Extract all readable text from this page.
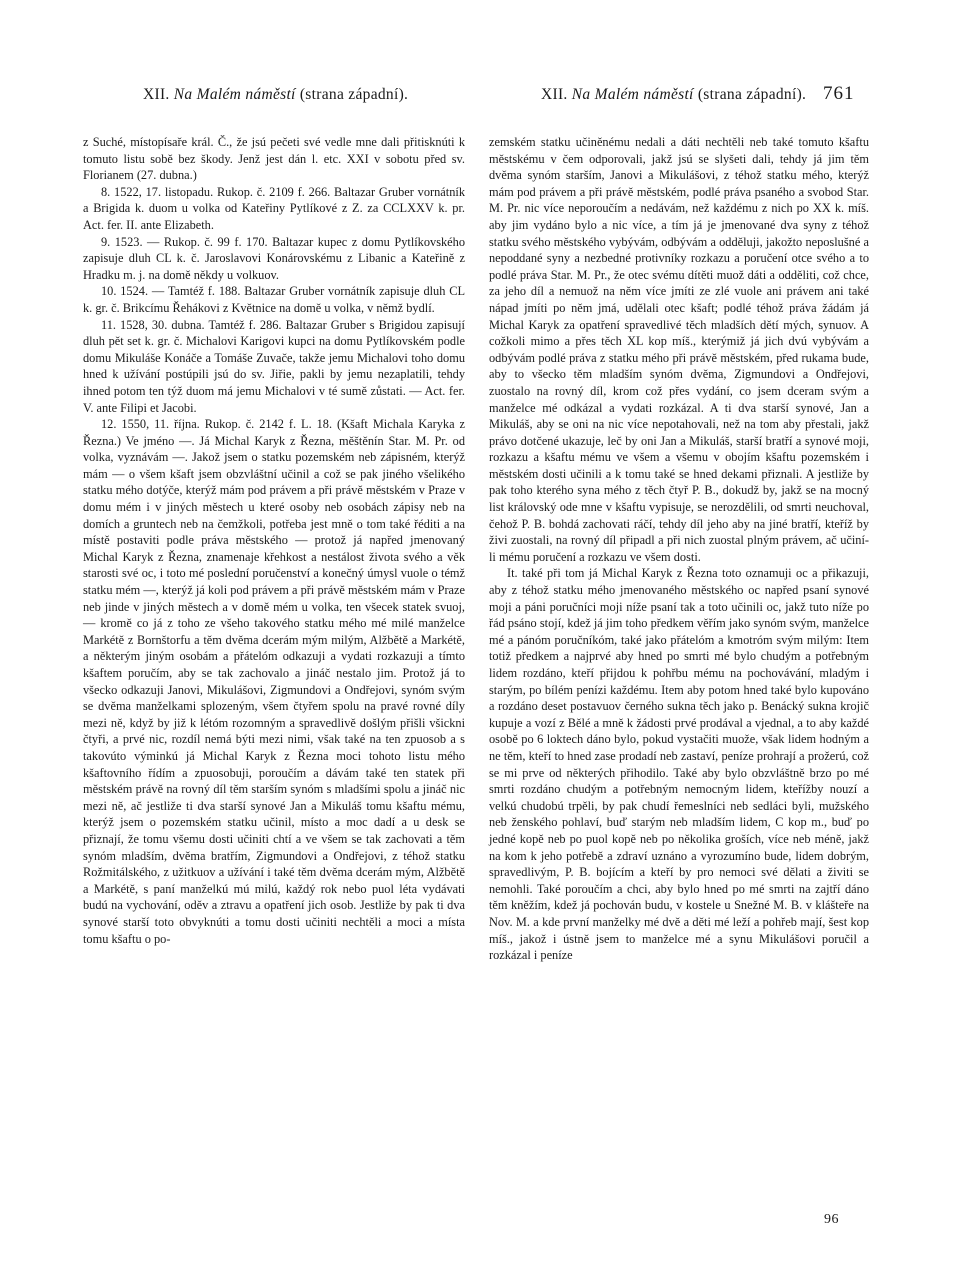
XII. Na Malém náměstí (strana západní).	XII. Na Malém náměstí (strana západní). 761

z Suché, místopísaře král. Č., že jsú pečeti své vedle mne dali přitisknúti k tomuto listu sobě bez škody. Jenž jest dán l. etc. XXI v sobotu před sv. Florianem (27. dubna.)

8. 1522, 17. listopadu. Rukop. č. 2109 f. 266. Baltazar Gruber vornátník a Brigida k. duom u volka od Kateřiny Pytlíkové z Z. za CCLXXV k. pr. Act. fer. II. ante Elizabeth.

9. 1523. — Rukop. č. 99 f. 170. Baltazar kupec z domu Pytlíkovského zapisuje dluh CL k. č. Jaroslavovi Konárovskému z Libanic a Kateřině z Hradku m. j. na domě někdy u volkuov.

10. 1524. — Tamtéž f. 188. Baltazar Gruber vornátník zapisuje dluh CL k. gr. č. Brikcímu Řehákovi z Květnice na domě u volka, v němž bydlí.

11. 1528, 30. dubna. Tamtéž f. 286. Baltazar Gruber s Brigidou zapisují dluh pět set k. gr. č. Michalovi Karigovi kupci na domu Pytlíkovském podle domu Mikuláše Konáče a Tomáše Zuvače, takže jemu Michalovi toho domu hned k užívání postúpili jsú do sv. Jiřie, pakli by jemu nezaplatili, tehdy ihned potom ten týž duom má jemu Michalovi v té sumě zůstati. — Act. fer. V. ante Filipi et Jacobi.

12. 1550, 11. října. Rukop. č. 2142 f. L. 18. (Kšaft Michala Karyka z Řezna.) Ve jméno —. Já Michal Karyk z Řezna, měštěnín Star. M. Pr. od volka, vyznávám —. Jakož jsem o statku pozemském neb zápisném, kterýž mám — o všem kšaft jsem obzvláštní učinil a což se pak jiného všelikého statku mého dotýče, kterýž mám pod právem a při právě městském v Praze v domu mém i v jiných městech u které osoby neb osobách zápisy neb na domích a gruntech neb na čemžkoli, potřeba jest mně o tom také řéditi a na místě postaviti podle práva městského — protož já napřed jmenovaný Michal Karyk z Řezna, znamenaje křehkost a nestálost života svého a věk starosti své oc, i toto mé poslední poručenství a konečný úmysl vuole o témž statku mém —, kterýž já koli pod právem a při právě městském mám v Praze neb jinde v jiných městech a v domě mém u volka, ten všecek statek svuoj, — kromě co já z toho ze všeho takového statku mého mé milé manželce Markétě z Bornštorfu a těm dvěma dcerám mým milým, Alžbětě a Markétě, a některým jiným osobám a přátelóm odkazuji a vydati rozkazuji a tímto kšaftem poručím, aby se tak zachovalo a jináč nestalo jim. Protož já to všecko odkazuji Janovi, Mikulášovi, Zigmundovi a Ondřejovi, synóm svým se dvěma manželkami splozeným, všem čtyřem spolu na pravé rovné díly mezi ně, když by již k létóm rozomným a spravedlivě došlým přišli všickni čtyři, a prvé nic, rozdíl nemá býti mezi nimi, však také na ten zpuosob a s takovúto výminkú já Michal Karyk z Řezna moci tohoto listu mého kšaftovního řídím a zpuosobuji, poroučím a dávám také ten statek při městském právě na rovný díl těm starším synóm s mladšími spolu a jináč nic mezi ně, ač jestliže ti dva starší synové Jan a Mikuláš tomu kšaftu mému, kterýž jsem o pozemském statku učinil, místo a moc dadí a u desk se přiznají, že tomu všemu dosti učiniti chtí a ve všem se tak zachovati a těm synóm mladším, dvěma bratřím, Zigmundovi a Ondřejovi, z téhož statku Rožmitálského, z užitkuov a užívání i také těm dvěma dcerám mým, Alžbětě a Markétě, s paní manželkú mú milú, každý rok nebo puol léta vydávati budú na vychování, oděv a ztravu a opatření jich osob. Jestliže by pak ti dva synové starší toto obvyknúti a tomu dosti učiniti nechtěli a moci a místa tomu kšaftu o po-

zemském statku učiněnému nedali a dáti nechtěli neb také tomuto kšaftu městskému v čem odporovali, jakž jsú se slyšeti dali, tehdy já jim těm dvěma synóm starším, Janovi a Mikulášovi, z téhož statku mého, kterýž mám pod právem a při právě městském, podlé práva psaného a svobod Star. M. Pr. nic více neporoučím a nedávám, než každému z nich po XX k. míš. aby jim vydáno bylo a nic více, a tím já je jmenované dva syny z téhož statku svého městského vybývám, odbývám a odděluji, jakožto neposlušné a nepoddané syny a nezbedné protivníky rozkazu a poručení otce svého a to podlé práva Star. M. Pr., že otec svému dítěti muož dáti a odděliti, což chce, za jeho díl a nemuož na něm více jmíti ze zlé vuole ani právem ani také nápad jmíti po něm jmá, udělali otec kšaft; podlé téhož práva žádám já Michal Karyk za opatření spravedlivé těch mladších dětí mých, synuov. A cožkoli mimo a přes těch XL kop míš., kterýmiž já jich dvú vybývám a odbývám podlé práva z statku mého při právě městském, před rukama bude, aby to všecko těm mladším synóm dvěma, Zigmundovi a Ondřejovi, zuostalo na rovný díl, krom což přes vydání, co jsem dceram svým a manželce mé odkázal a vydati rozkázal. A ti dva starší synové, Jan a Mikuláš, aby se oni na nic více nepotahovali, než na tom aby přestali, jakž právo dotčené ukazuje, leč by oni Jan a Mikuláš, starší bratří a synové moji, rozkazu a kšaftu mému ve všem a všemu v obojím kšaftu pozemském i městském dosti učinili a k tomu také se hned dekami přiznali. A jestliže by pak toho kterého syna mého z těch čtyř P. B., dokudž by, jakž se na mocný list královský ode mne v kšaftu vypisuje, se nerozdělili, od smrti neuchoval, čehož P. B. bohdá zachovati ráčí, tehdy díl jeho aby na jiné bratří, kteříž by živi zuostali, na rovný díl připadl a při nich zuostal plným právem, ač učiní-li mému poručení a rozkazu ve všem dosti.

It. také při tom já Michal Karyk z Řezna toto oznamuji oc a přikazuji, aby z téhož statku mého jmenovaného městského oc napřed psaní synové moji a páni poručníci moji níže psaní tak a toto učinili oc, jakž tuto níže po řád psáno stojí, kdež já jim toho předkem věřím jako synóm svým, manželce mé a pánóm poručníkóm, také jako přátelóm a kmotróm svým milým: Item totiž předkem a najprvé aby hned po smrti mé bylo chudým a potřebným lidem rozdáno, kteří přijdou k pohřbu mému na pochovávání, mladým i starým, po bílém penízi každému. Item aby potom hned také bylo kupováno a rozdáno deset postavuov černého sukna těch jako p. Benácký sukna krojič kupuje a vozí z Bělé a mně k žádosti prvé prodával a vjednal, a to aby každé osobě po 6 loktech dáno bylo, pokud vystačiti muože, však lidem hodným a ne těm, kteří to hned zase prodadí neb zastaví, peníze prohrají a prožerú, což se mi prve od některých přihodilo. Také aby bylo obzvláštně brzo po mé smrti rozdáno chudým a potřebným nemocným lidem, kteřížby nouzí a velkú chudobú trpěli, by pak chudí řemeslníci neb sedláci byli, mužského neb ženského pohlaví, buď starým neb mladším lidem, C kop m., buď po jedné kopě neb po puol kopě neb po několika groších, více neb méně, jakž na kom k jeho potřebě a zdraví uznáno a vyrozumíno bude, lidem dobrým, spravedlivým, P. B. bojícím a kteří by pro nemoci své dělati a živiti se nemohli. Také poroučím a chci, aby bylo hned po mé smrti na zajtří dáno těm kněžím, kdež já pochován budu, v kostele u Snežné M. B. v klášteře na Nov. M. a kde první manželky mé dvě a děti mé leží a pohřeb mají, šest kop míš., jakož i ústně jsem to manželce mé a synu Mikulášovi poručil a rozkázal i peníze

96
